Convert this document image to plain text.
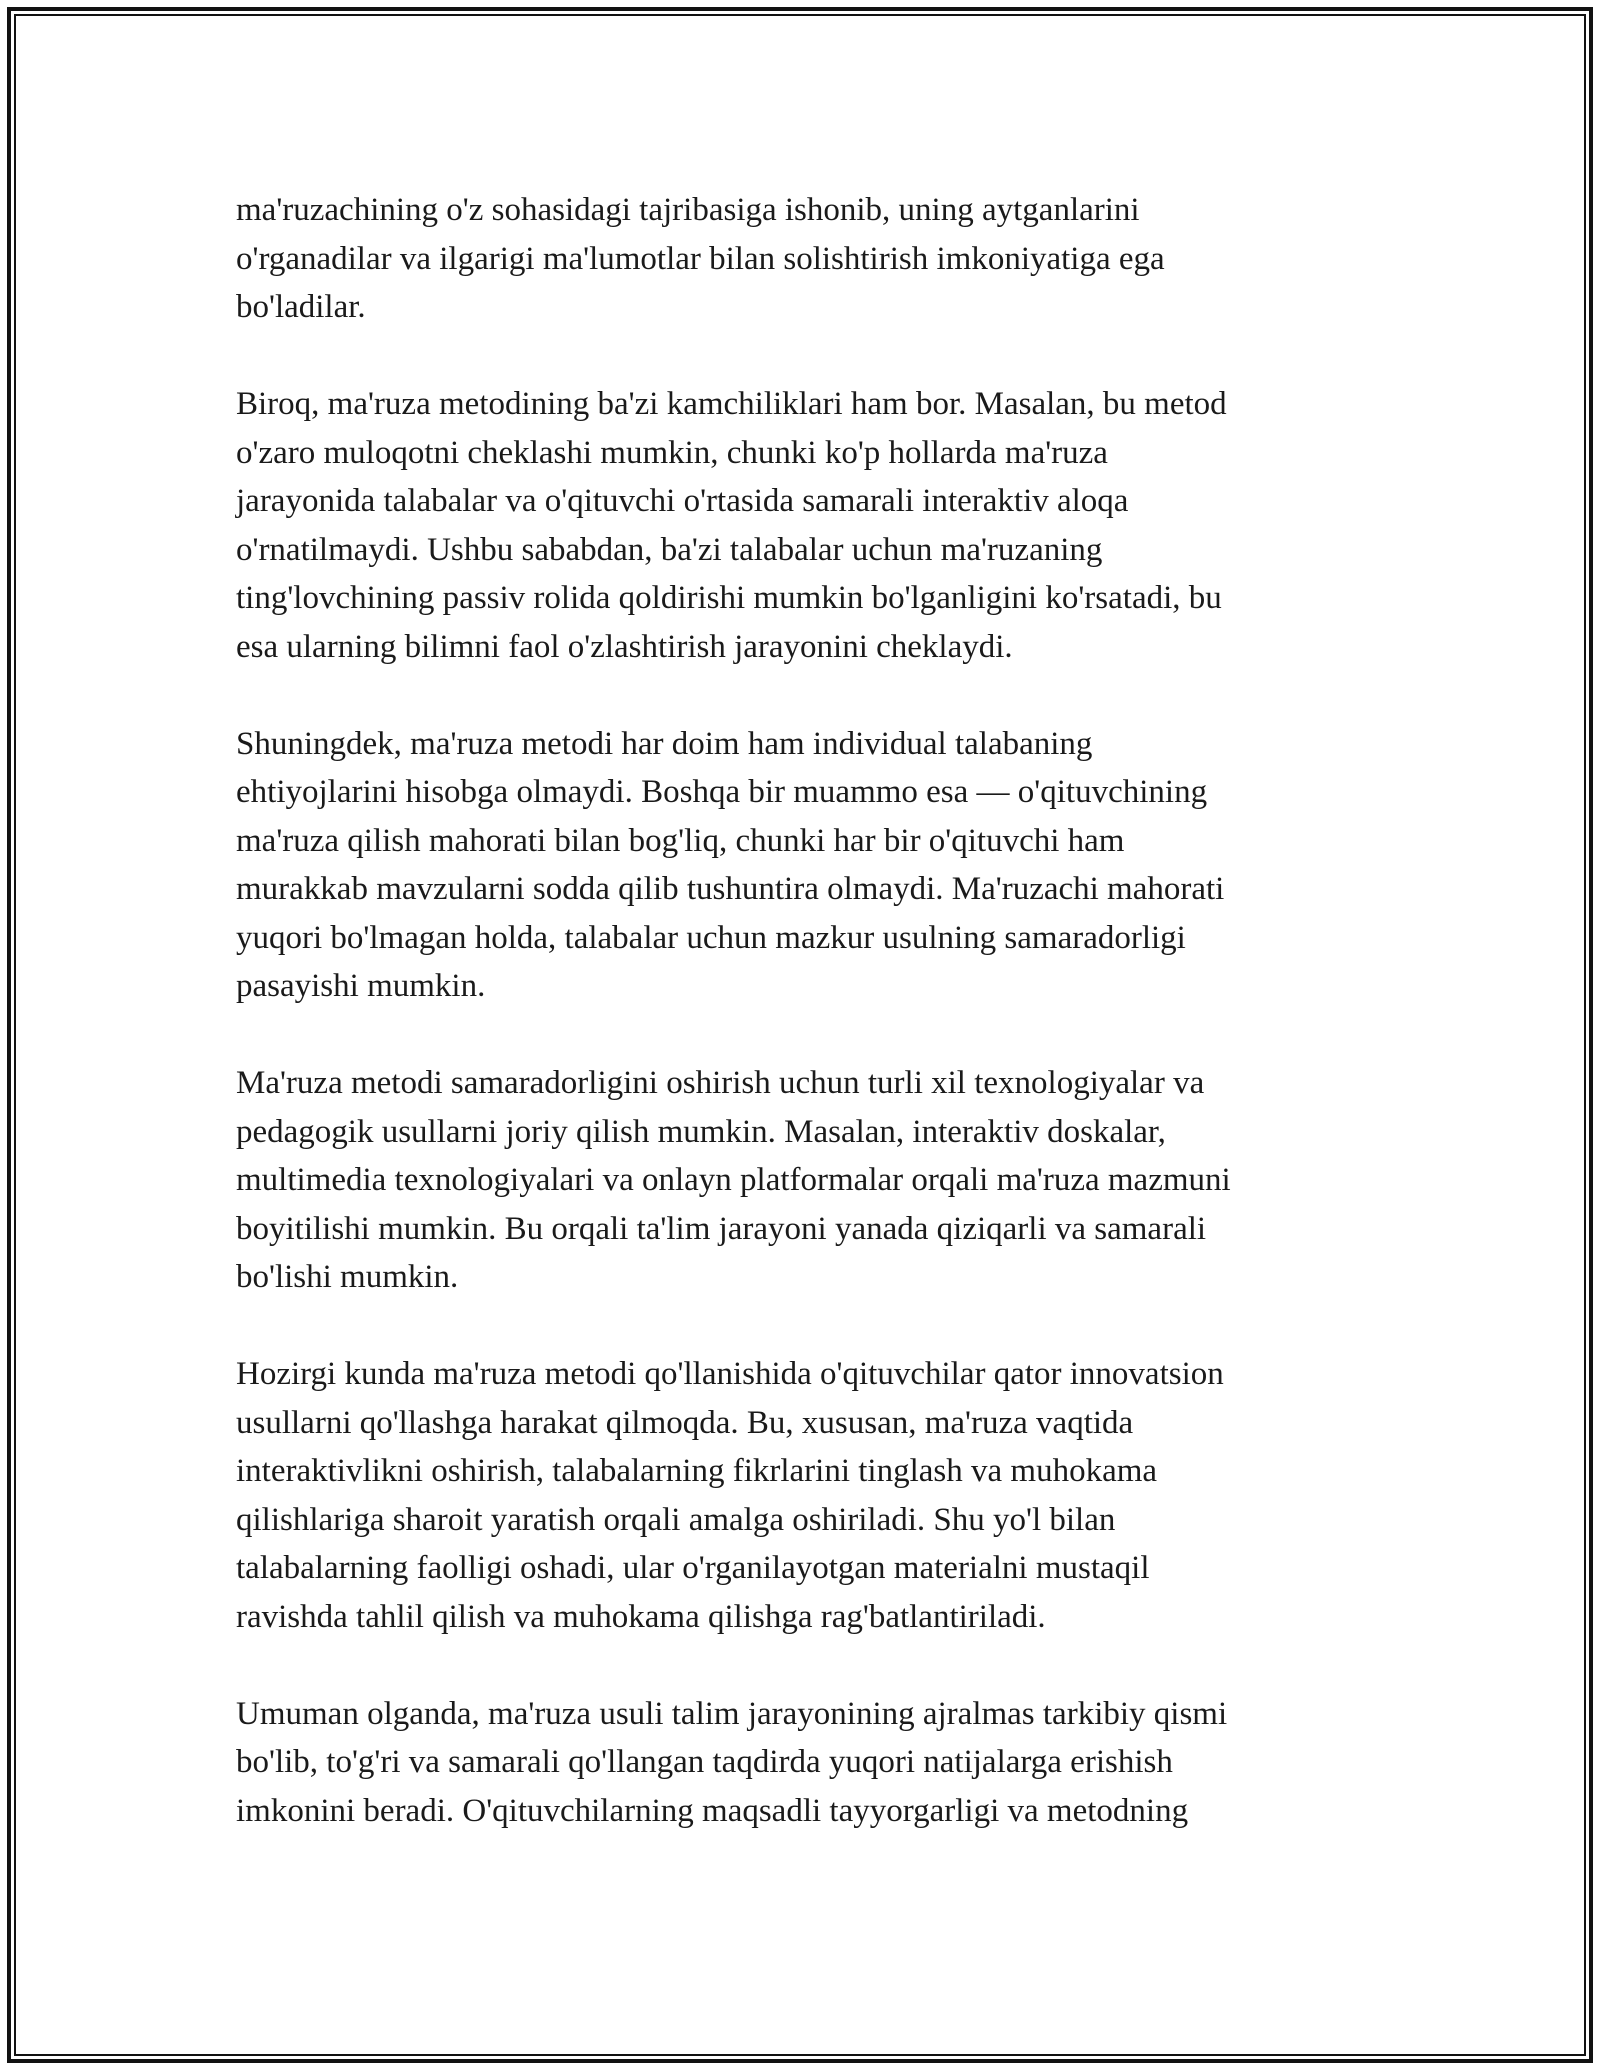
ma'ruzachining o'z sohasidagi tajribasiga ishonib, uning aytganlarini
o'rganadilar va ilgarigi ma'lumotlar bilan solishtirish imkoniyatiga ega
bo'ladilar.

Biroq, ma'ruza metodining ba'zi kamchiliklari ham bor. Masalan, bu metod
o'zaro muloqotni cheklashi mumkin, chunki ko'p hollarda ma'ruza
jarayonida talabalar va o'qituvchi o'rtasida samarali interaktiv aloqa
o'rnatilmaydi. Ushbu sababdan, ba'zi talabalar uchun ma'ruzaning
ting'lovchining passiv rolida qoldirishi mumkin bo'lganligini ko'rsatadi, bu
esa ularning bilimni faol o'zlashtirish jarayonini cheklaydi.

Shuningdek, ma'ruza metodi har doim ham individual talabaning
ehtiyojlarini hisobga olmaydi. Boshqa bir muammo esa — o'qituvchining
ma'ruza qilish mahorati bilan bog'liq, chunki har bir o'qituvchi ham
murakkab mavzularni sodda qilib tushuntira olmaydi. Ma'ruzachi mahorati
yuqori bo'lmagan holda, talabalar uchun mazkur usulning samaradorligi
pasayishi mumkin.

Ma'ruza metodi samaradorligini oshirish uchun turli xil texnologiyalar va
pedagogik usullarni joriy qilish mumkin. Masalan, interaktiv doskalar,
multimedia texnologiyalari va onlayn platformalar orqali ma'ruza mazmuni
boyitilishi mumkin. Bu orqali ta'lim jarayoni yanada qiziqarli va samarali
bo'lishi mumkin.

Hozirgi kunda ma'ruza metodi qo'llanishida o'qituvchilar qator innovatsion
usullarni qo'llashga harakat qilmoqda. Bu, xususan, ma'ruza vaqtida
interaktivlikni oshirish, talabalarning fikrlarini tinglash va muhokama
qilishlariga sharoit yaratish orqali amalga oshiriladi. Shu yo'l bilan
talabalarning faolligi oshadi, ular o'rganilayotgan materialni mustaqil
ravishda tahlil qilish va muhokama qilishga rag'batlantiriladi.

Umuman olganda, ma'ruza usuli talim jarayonining ajralmas tarkibiy qismi
bo'lib, to'g'ri va samarali qo'llangan taqdirda yuqori natijalarga erishish
imkonini beradi. O'qituvchilarning maqsadli tayyorgarligi va metodning
